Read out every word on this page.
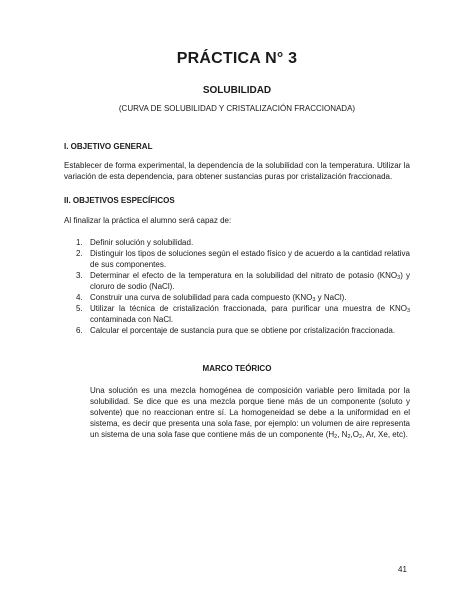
PRÁCTICA N° 3
SOLUBILIDAD
(CURVA DE SOLUBILIDAD Y CRISTALIZACIÓN FRACCIONADA)
I. OBJETIVO GENERAL
Establecer de forma experimental, la dependencia de la solubilidad con la temperatura. Utilizar la variación de esta dependencia, para obtener sustancias puras por cristalización fraccionada.
II. OBJETIVOS ESPECÍFICOS
Al finalizar la práctica el alumno será capaz de:
1. Definir solución y solubilidad.
2. Distinguir los tipos de soluciones según el estado físico y de acuerdo a la cantidad relativa de sus componentes.
3. Determinar el efecto de la temperatura en la solubilidad del nitrato de potasio $(KNO_3)$ y cloruro de sodio (NaCl).
4. Construir una curva de solubilidad para cada compuesto ($KNO_3$ y NaCl).
5. Utilizar la técnica de cristalización fraccionada, para purificar una muestra de $KNO_3$ contaminada con NaCl.
6. Calcular el porcentaje de sustancia pura que se obtiene por cristalización fraccionada.
MARCO TEÓRICO
Una solución es una mezcla homogénea de composición variable pero limitada por la solubilidad. Se dice que es una mezcla porque tiene más de un componente (soluto y solvente) que no reaccionan entre sí. La homogeneidad se debe a la uniformidad en el sistema, es decir que presenta una sola fase, por ejemplo: un volumen de aire representa un sistema de una sola fase que contiene más de un componente ($H_2$, $N_2,O_2$, Ar, Xe, etc).
41
